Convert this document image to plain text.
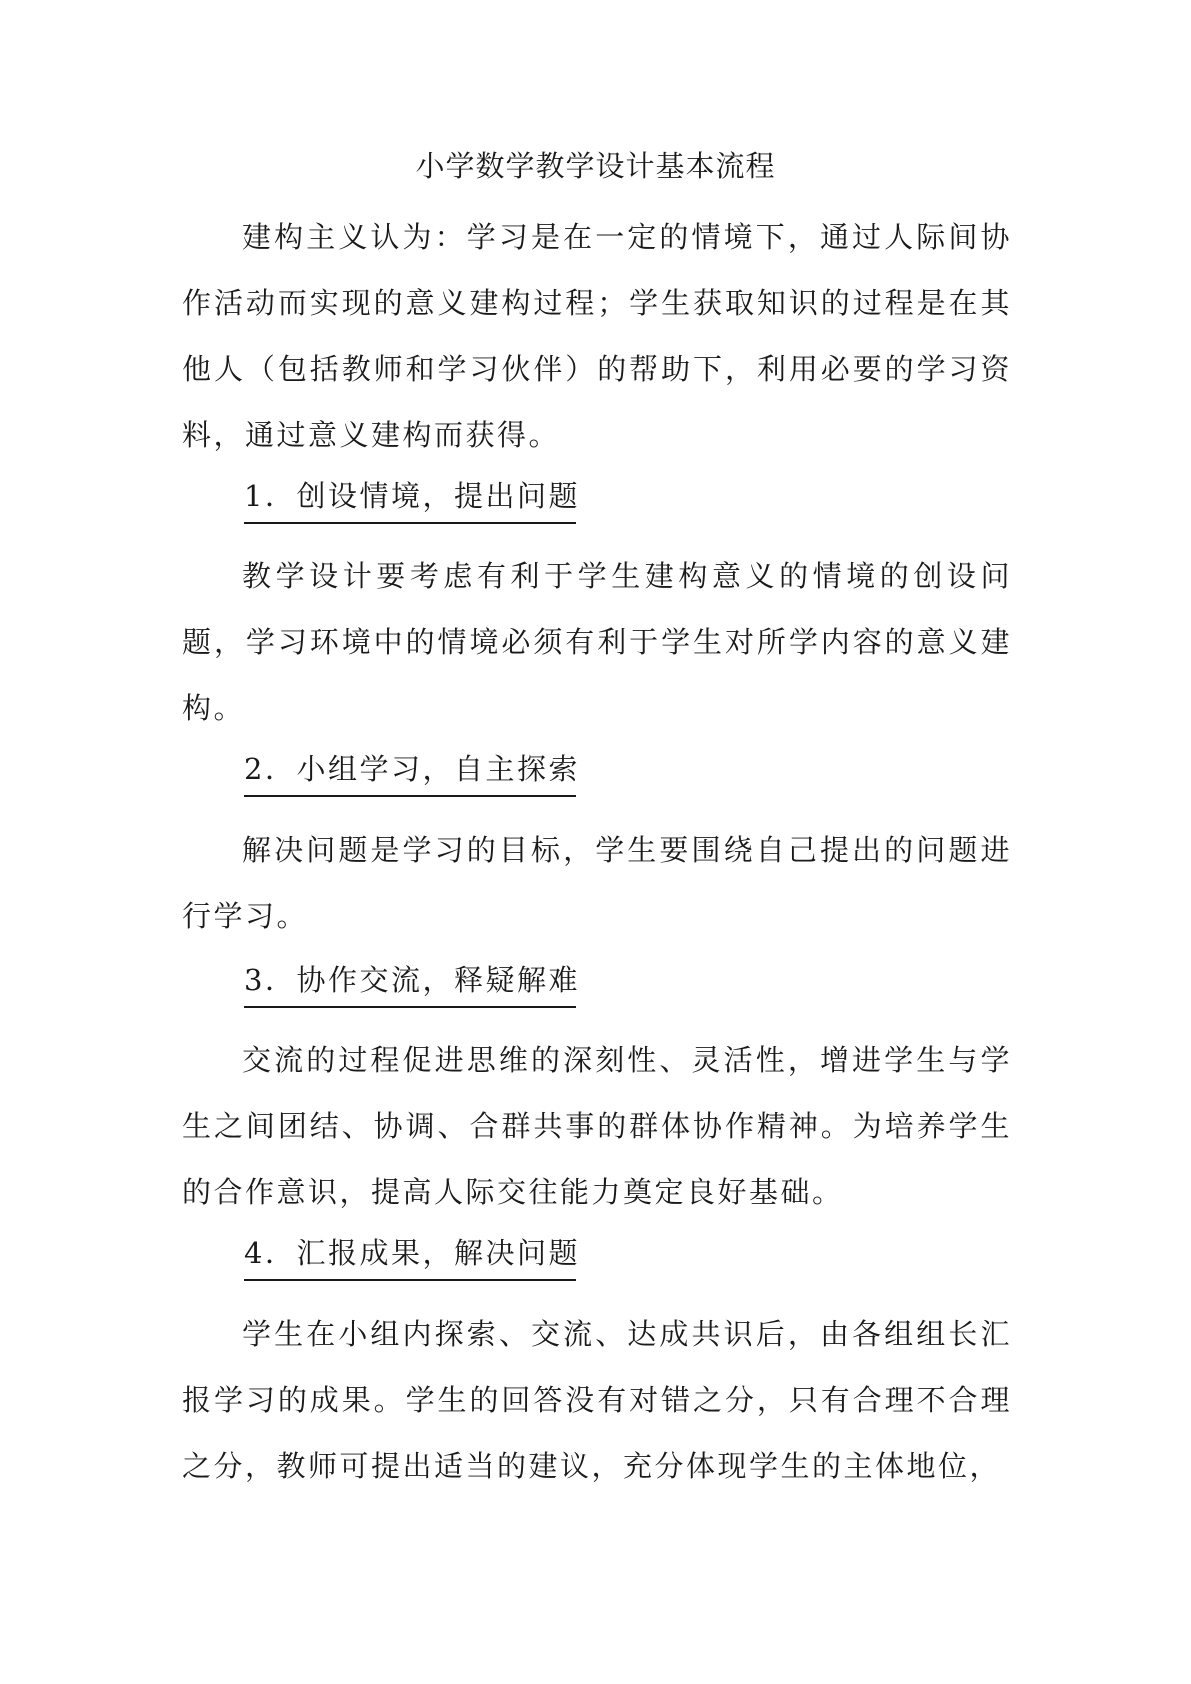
小学数学教学设计基本流程
建构主义认为：学习是在一定的情境下，通过人际间协作活动而实现的意义建构过程；学生获取知识的过程是在其他人（包括教师和学习伙伴）的帮助下，利用必要的学习资料，通过意义建构而获得。
1．创设情境，提出问题
教学设计要考虑有利于学生建构意义的情境的创设问题，学习环境中的情境必须有利于学生对所学内容的意义建构。
2．小组学习，自主探索
解决问题是学习的目标，学生要围绕自己提出的问题进行学习。
3．协作交流，释疑解难
交流的过程促进思维的深刻性、灵活性，增进学生与学生之间团结、协调、合群共事的群体协作精神。为培养学生的合作意识，提高人际交往能力奠定良好基础。
4．汇报成果，解决问题
学生在小组内探索、交流、达成共识后，由各组组长汇报学习的成果。学生的回答没有对错之分，只有合理不合理之分，教师可提出适当的建议，充分体现学生的主体地位，
